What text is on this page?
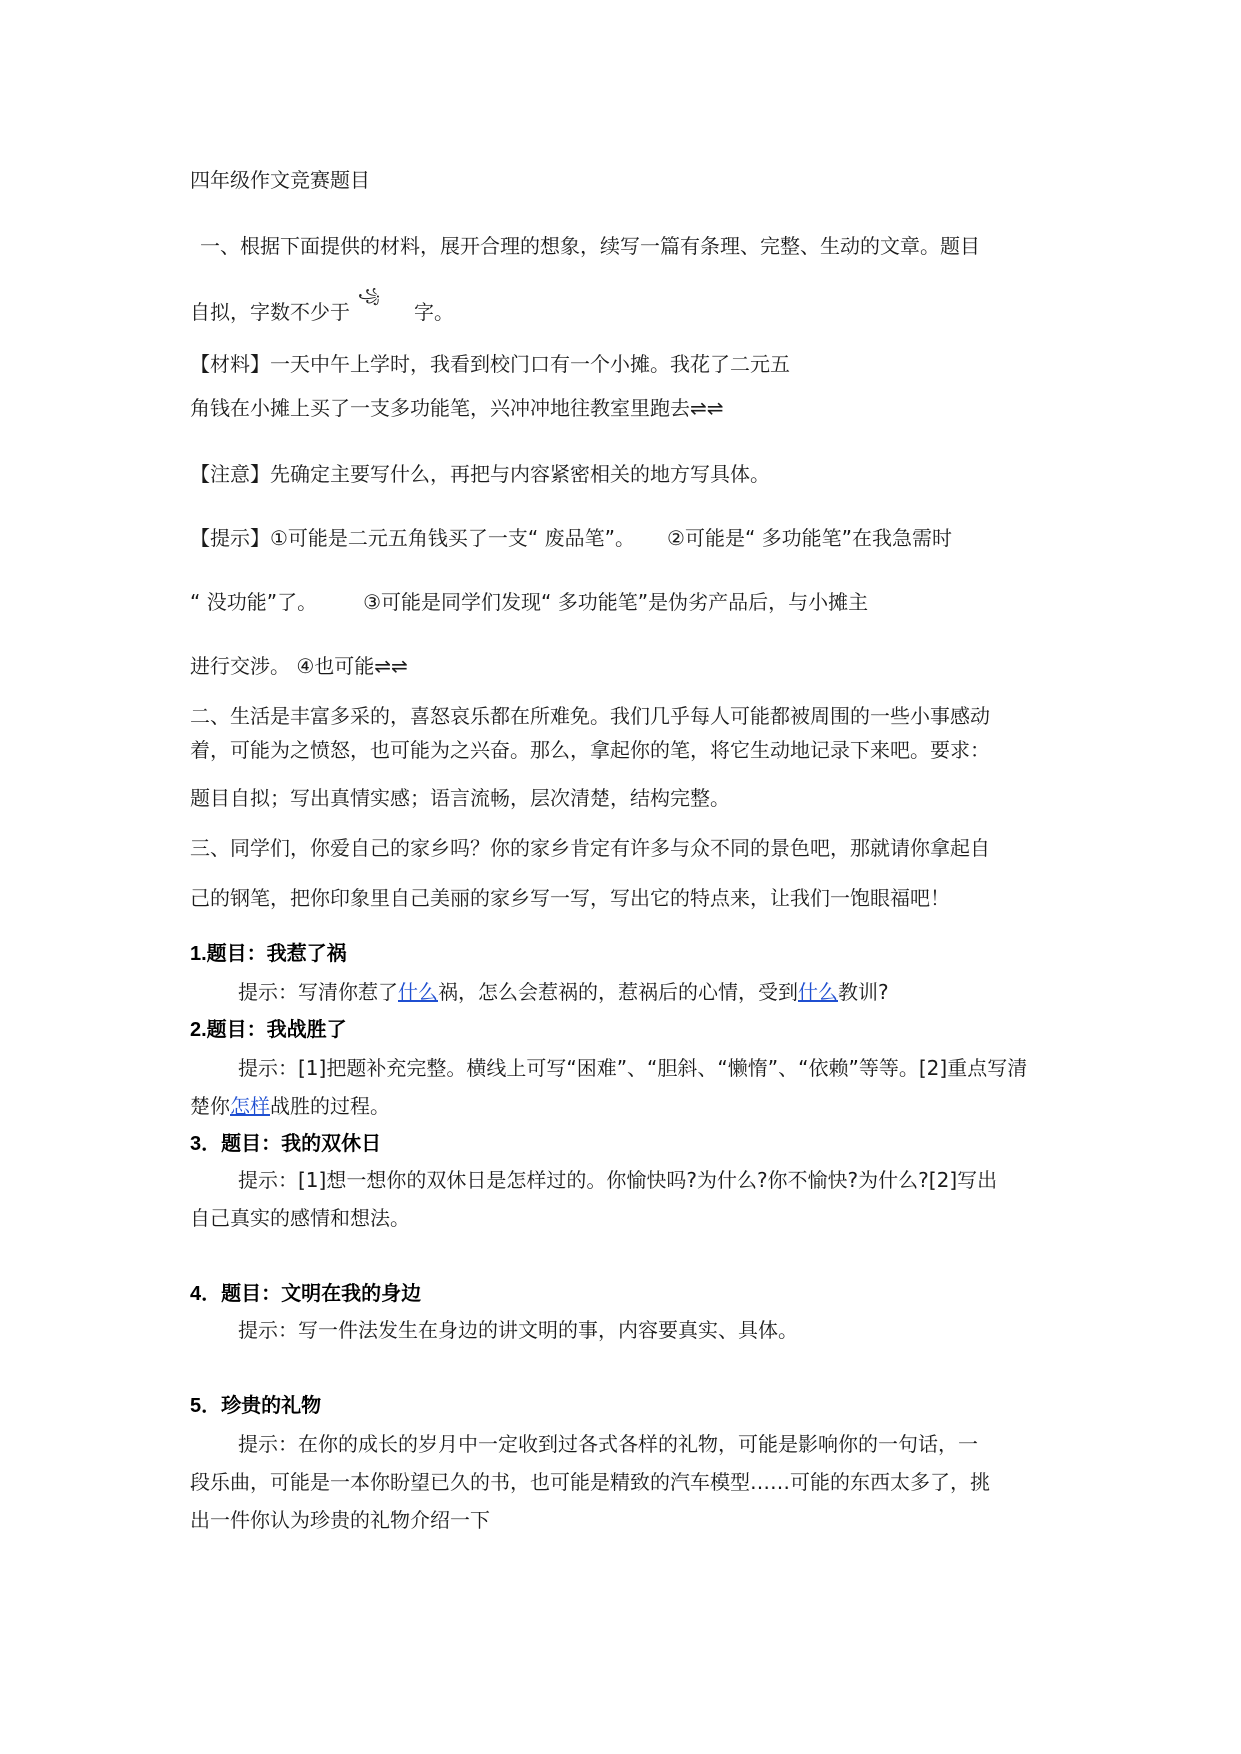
四年级作文竞赛题目
一、根据下面提供的材料，展开合理的想象，续写一篇有条理、完整、生动的文章。题目
自拟，字数不少于	字。
꧁
【材料】一天中午上学时，我看到校门口有一个小摊。我花了二元五
角钱在小摊上买了一支多功能笔，兴冲冲地往教室里跑去⇌⇌
【注意】先确定主要写什么，再把与内容紧密相关的地方写具体。
【提示】①可能是二元五角钱买了一支“ 废品笔”。 ②可能是“ 多功能笔”在我急需时
“ 没功能”了。 ③可能是同学们发现“ 多功能笔”是伪劣产品后，与小摊主
进行交涉。 ④也可能⇌⇌
二、生活是丰富多采的，喜怒哀乐都在所难免。我们几乎每人可能都被周围的一些小事感动
着，可能为之愤怒，也可能为之兴奋。那么，拿起你的笔，将它生动地记录下来吧。要求：
题目自拟；写出真情实感；语言流畅，层次清楚，结构完整。
三、同学们，你爱自己的家乡吗？你的家乡肯定有许多与众不同的景色吧，那就请你拿起自
己的钢笔，把你印象里自己美丽的家乡写一写，写出它的特点来，让我们一饱眼福吧！
1.题目：我惹了祸
提示：写清你惹了什么祸，怎么会惹祸的，惹祸后的心情，受到什么教训?
2.题目：我战胜了
提示：[1]把题补充完整。横线上可写“困难”、“胆斜、“懒惰”、“依赖”等等。[2]重点写清
楚你怎样战胜的过程。
3．题目：我的双休日
提示：[1]想一想你的双休日是怎样过的。你愉快吗?为什么?你不愉快?为什么?[2]写出
自己真实的感情和想法。
4．题目：文明在我的身边
提示：写一件法发生在身边的讲文明的事，内容要真实、具体。
5．珍贵的礼物
提示：在你的成长的岁月中一定收到过各式各样的礼物，可能是影响你的一句话，一
段乐曲，可能是一本你盼望已久的书，也可能是精致的汽车模型……可能的东西太多了，挑
出一件你认为珍贵的礼物介绍一下
